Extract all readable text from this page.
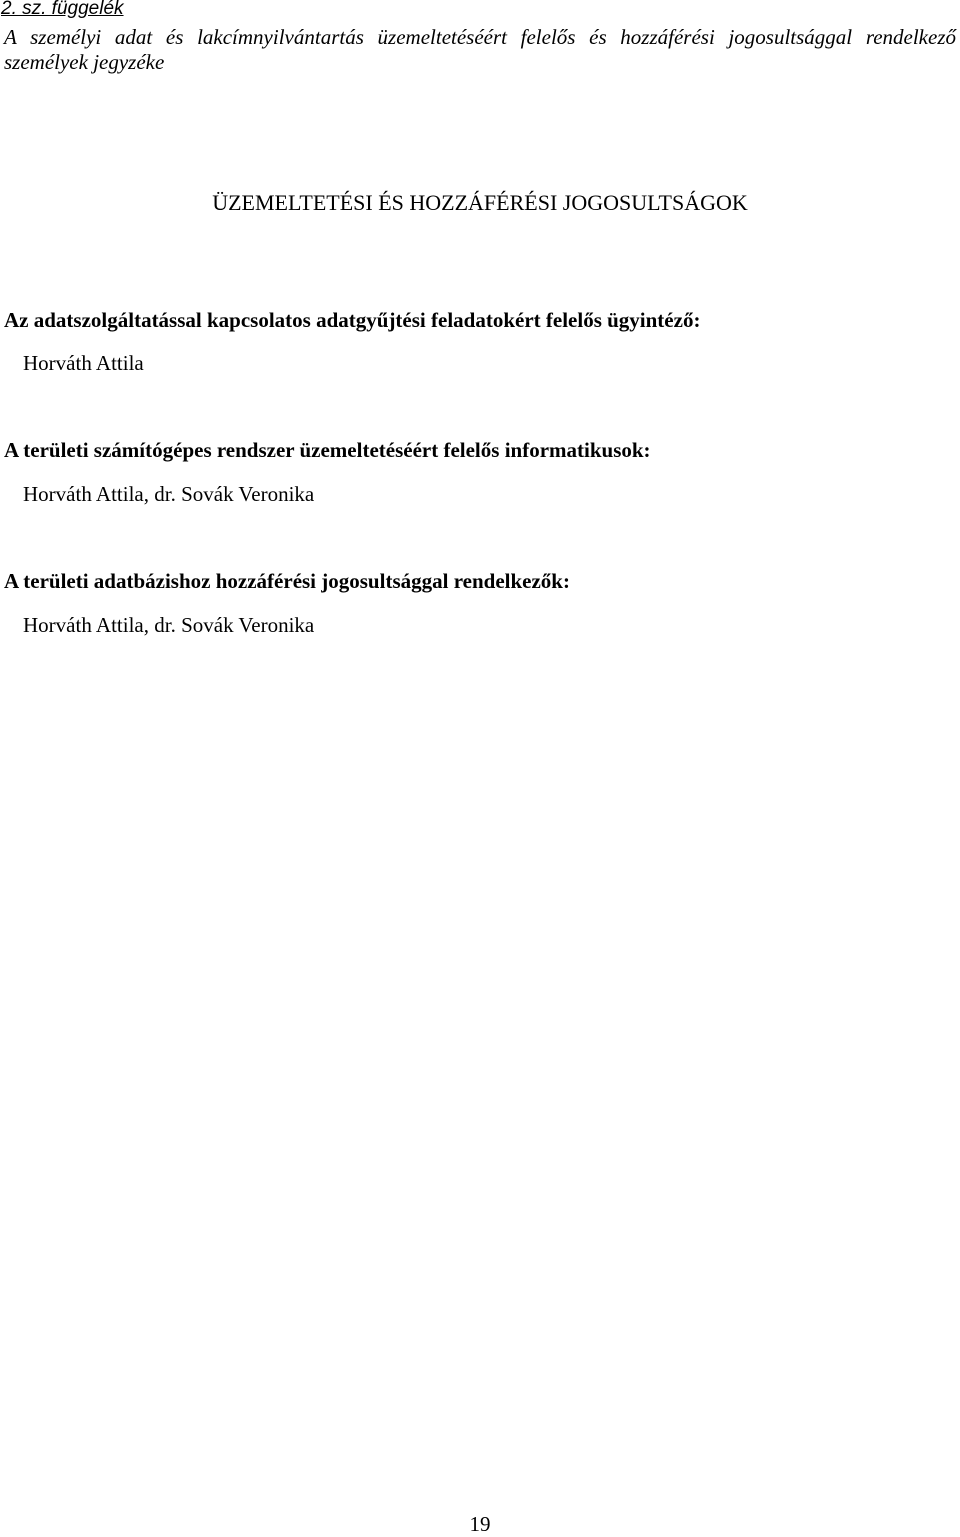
2. sz. függelék
A személyi adat és lakcímnyilvántartás üzemeltetéséért felelős és hozzáférési jogosultsággal rendelkező személyek jegyzéke
ÜZEMELTETÉSI ÉS HOZZÁFÉRÉSI JOGOSULTSÁGOK
Az adatszolgáltatással kapcsolatos adatgyűjtési feladatokért felelős ügyintéző:
Horváth Attila
A területi számítógépes rendszer üzemeltetéséért felelős informatikusok:
Horváth Attila, dr. Sovák Veronika
A területi adatbázishoz hozzáférési jogosultsággal rendelkezők:
Horváth Attila, dr. Sovák Veronika
19
